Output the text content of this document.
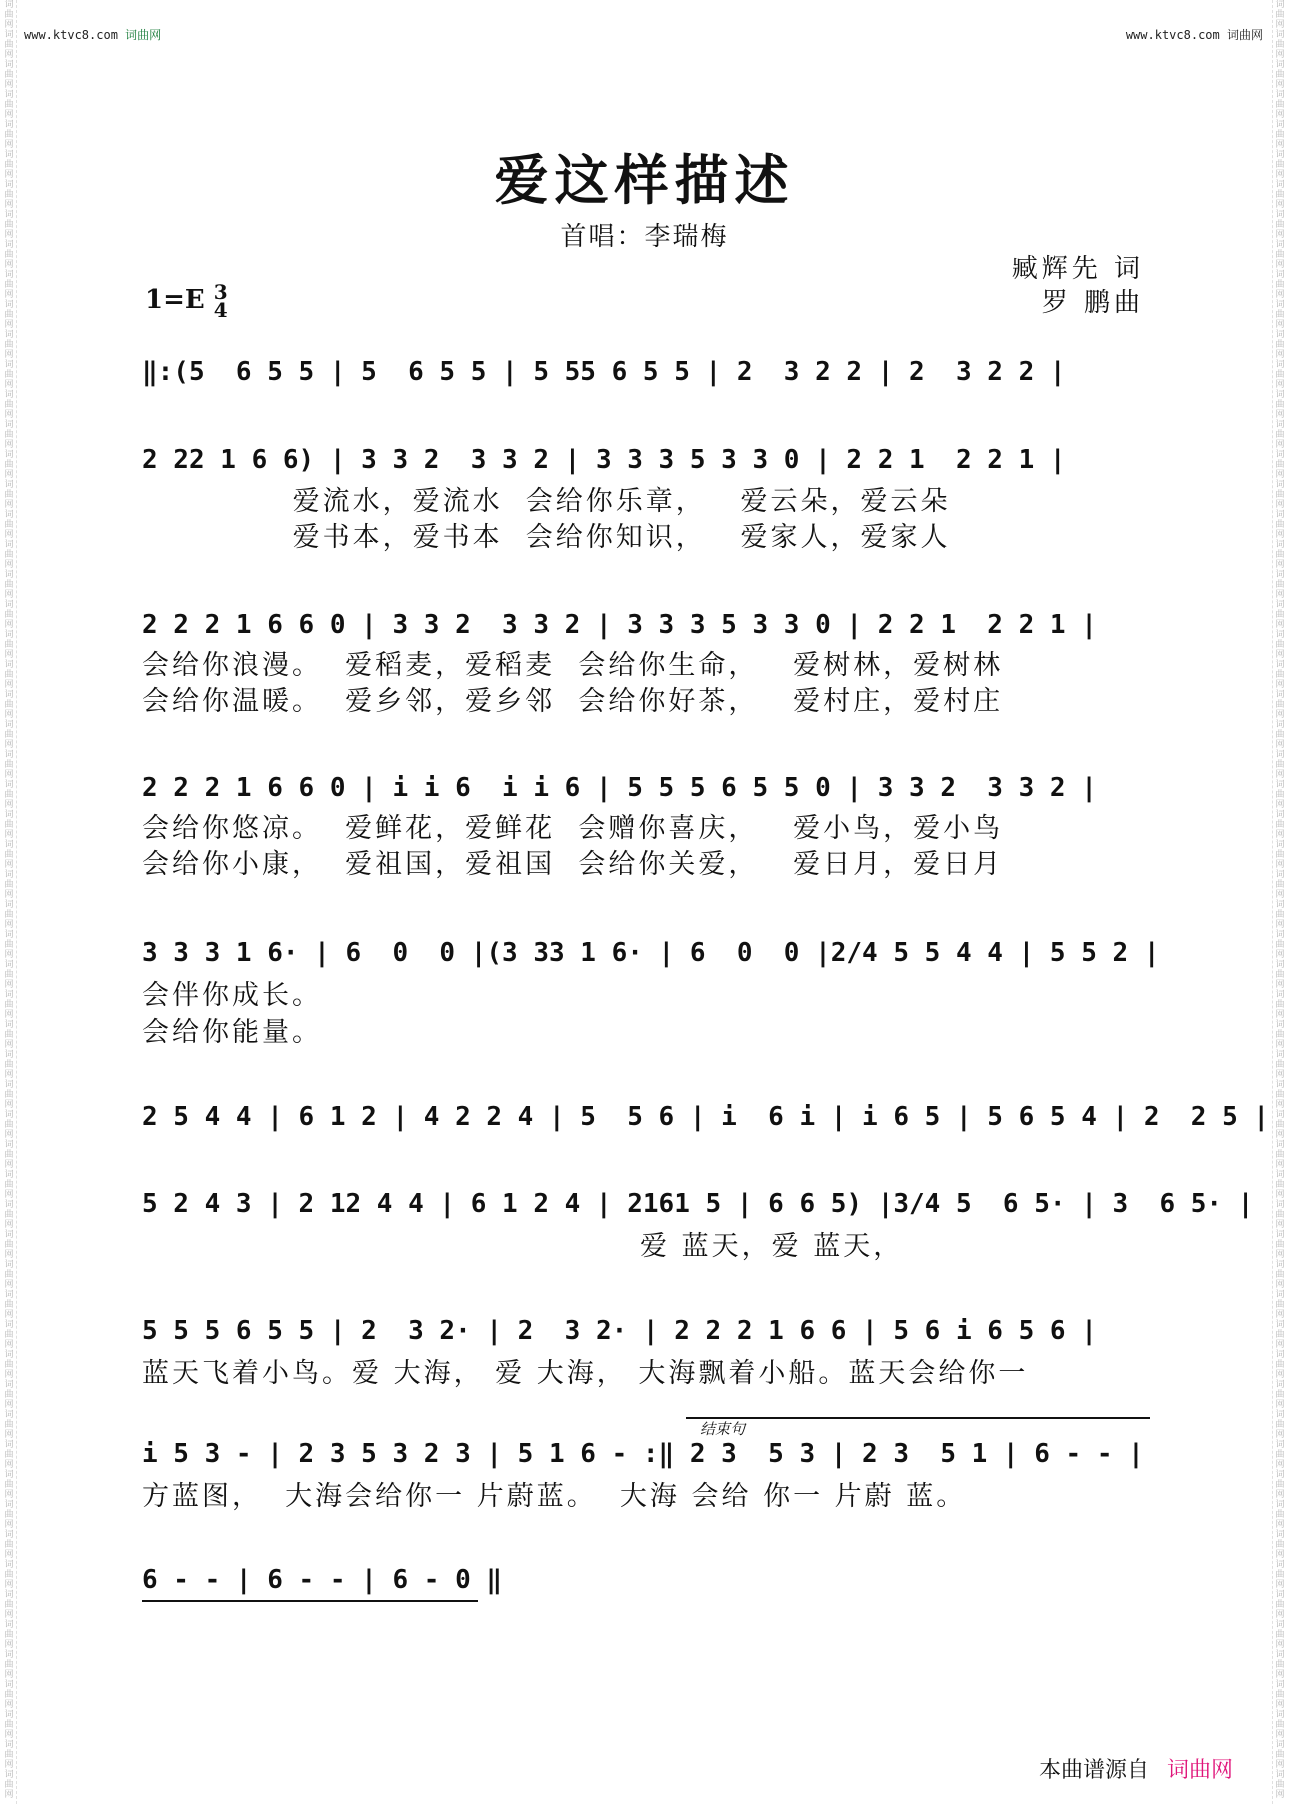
词曲网词曲网词曲网词曲网词曲网词曲网词曲网词曲网词曲网词曲网词曲网词曲网词曲网词曲网词曲网词曲网词曲网词曲网词曲网词曲网词曲网词曲网词曲网词曲网词曲网词曲网词曲网词曲网词曲网词曲网词曲网词曲网词曲网词曲网词曲网词曲网词曲网词曲网词曲网词曲网词曲网词曲网词曲网词曲网词曲网词曲网词曲网词曲网词曲网词曲网词曲网词曲网词曲网词曲网词曲网词曲网词曲网词曲网词曲网词曲网
词曲网词曲网词曲网词曲网词曲网词曲网词曲网词曲网词曲网词曲网词曲网词曲网词曲网词曲网词曲网词曲网词曲网词曲网词曲网词曲网词曲网词曲网词曲网词曲网词曲网词曲网词曲网词曲网词曲网词曲网词曲网词曲网词曲网词曲网词曲网词曲网词曲网词曲网词曲网词曲网词曲网词曲网词曲网词曲网词曲网词曲网词曲网词曲网词曲网词曲网词曲网词曲网词曲网词曲网词曲网词曲网词曲网词曲网词曲网词曲网
www.ktvc8.com 词曲网	www.ktvc8.com 词曲网
爱这样描述
首唱：李瑞梅
臧辉先 词
罗 鹏曲
1=E 3
4
‖:(5  6 5 5 | 5  6 5 5 | 5 55 6 5 5 | 2  3 2 2 | 2  3 2 2 |
2 22 1 6 6) | 3 3 2  3 3 2 | 3 3 3 5 3 3 0 | 2 2 1  2 2 1 |
爱流水，爱流水  会给你乐章，   爱云朵，爱云朵
爱书本，爱书本  会给你知识，   爱家人，爱家人
2 2 2 1 6 6 0 | 3 3 2  3 3 2 | 3 3 3 5 3 3 0 | 2 2 1  2 2 1 |
会给你浪漫。  爱稻麦，爱稻麦  会给你生命，   爱树林，爱树林
会给你温暖。  爱乡邻，爱乡邻  会给你好茶，   爱村庄，爱村庄
2 2 2 1 6 6 0 | i i 6  i i 6 | 5 5 5 6 5 5 0 | 3 3 2  3 3 2 |
会给你悠凉。  爱鲜花，爱鲜花  会赠你喜庆，   爱小鸟，爱小鸟
会给你小康，  爱祖国，爱祖国  会给你关爱，   爱日月，爱日月
3 3 3 1 6· | 6  0  0 |(3 33 1 6· | 6  0  0 |2/4 5 5 4 4 | 5 5 2 |
会伴你成长。
会给你能量。
2 5 4 4 | 6 1 2 | 4 2 2 4 | 5  5 6 | i  6 i | i 6 5 | 5 6 5 4 | 2  2 5 |
5 2 4 3 | 2 12 4 4 | 6 1 2 4 | 2161 5 | 6 6 5) |3/4 5  6 5· | 3  6 5· |
爱 蓝天，爱 蓝天，
5 5 5 6 5 5 | 2  3 2· | 2  3 2· | 2 2 2 1 6 6 | 5 6 i 6 5 6 |
蓝天飞着小鸟。爱 大海， 爱 大海， 大海飘着小船。蓝天会给你一
i 5 3 - | 2 3 5 3 2 3 | 5 1 6 - :‖ 2 3  5 3 | 2 3  5 1 | 6 - - |
方蓝图，  大海会给你一 片蔚蓝。  大海 会给 你一 片蔚 蓝。
6 - - | 6 - - | 6 - 0 ‖
结束句
本曲谱源自 词曲网
